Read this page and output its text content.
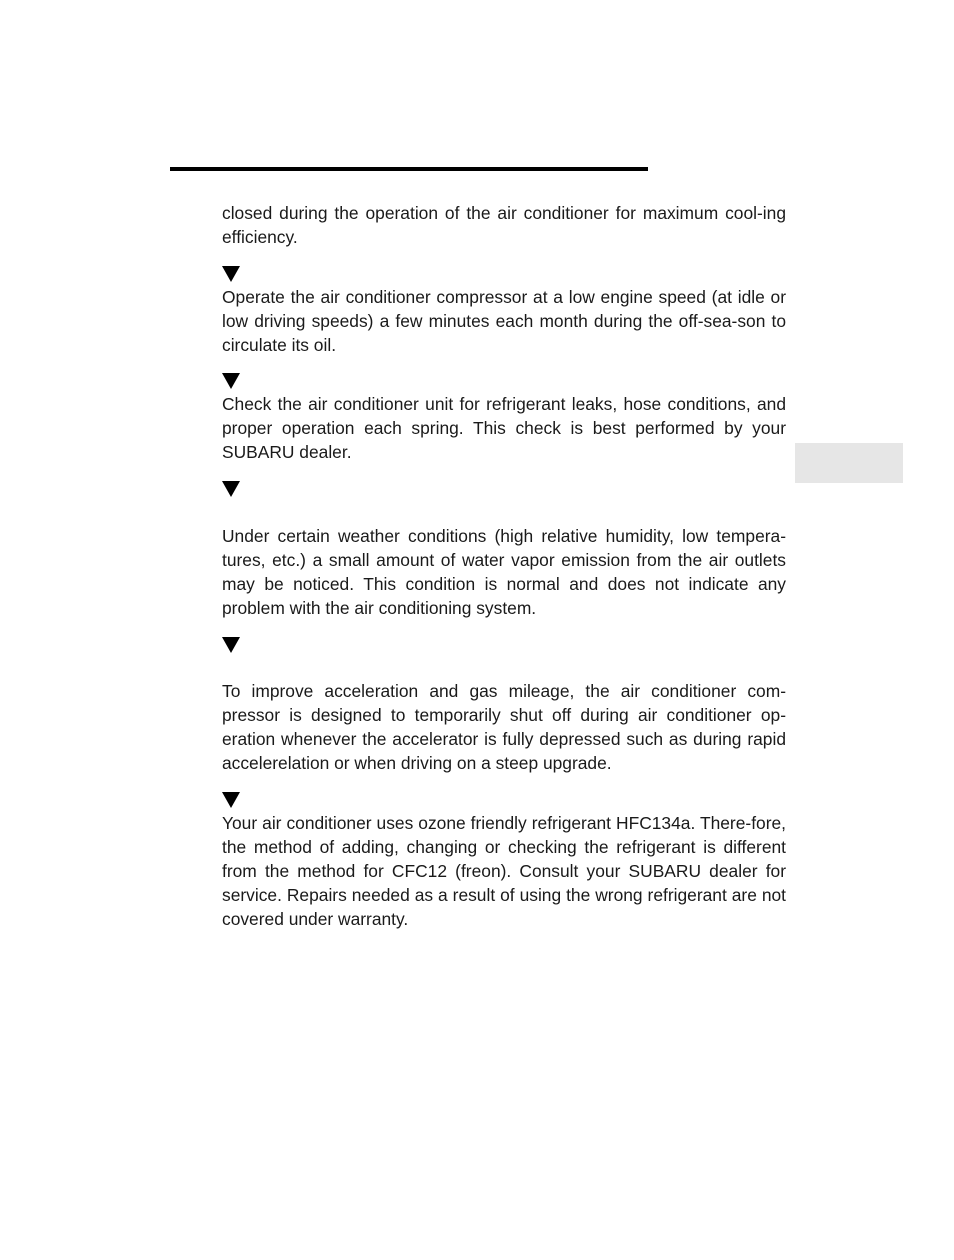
closed during the operation of the air conditioner for maximum cool-ing efficiency.

Operate the air conditioner compressor at a low engine speed (at idle or low driving speeds) a few minutes each month during the off-sea-son to circulate its oil.

Check the air conditioner unit for refrigerant leaks, hose conditions, and proper operation each spring. This check is best performed by your SUBARU dealer.

Under certain weather conditions (high relative humidity, low tempera-tures, etc.) a small amount of water vapor emission from the air outlets may be noticed. This condition is normal and does not indicate any problem with the air conditioning system.

To improve acceleration and gas mileage, the air conditioner com-pressor is designed to temporarily shut off during air conditioner op-eration whenever the accelerator is fully depressed such as during rapid accelerelation or when driving on a steep upgrade.

Your air conditioner uses ozone friendly refrigerant HFC134a. There-fore, the method of adding, changing or checking the refrigerant is different from the method for CFC12 (freon). Consult your SUBARU dealer for service. Repairs needed as a result of using the wrong refrigerant are not covered under warranty.
